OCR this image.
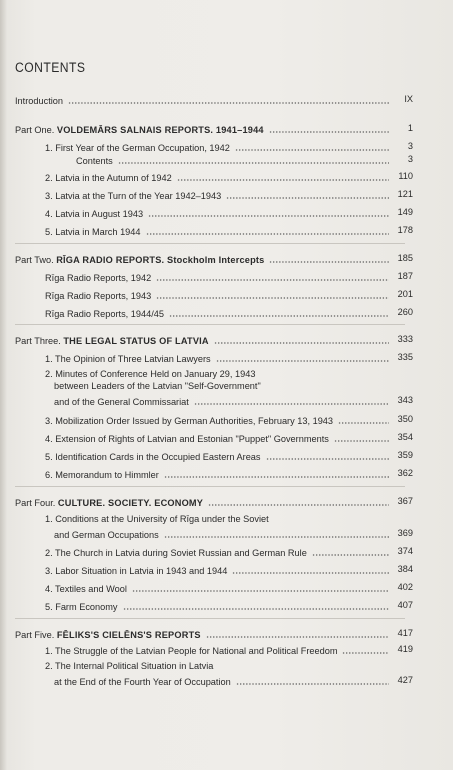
CONTENTS
Introduction	IX
Part One. VOLDEMĀRS SALNAIS REPORTS. 1941–1944	1
1. First Year of the German Occupation, 1942	3
Contents	3
2. Latvia in the Autumn of 1942	110
3. Latvia at the Turn of the Year 1942–1943	121
4. Latvia in August 1943	149
5. Latvia in March 1944	178
Part Two. RĪGA RADIO REPORTS. Stockholm Intercepts	185
Rīga Radio Reports, 1942	187
Rīga Radio Reports, 1943	201
Rīga Radio Reports, 1944/45	260
Part Three. THE LEGAL STATUS OF LATVIA	333
1. The Opinion of Three Latvian Lawyers	335
2. Minutes of Conference Held on January 29, 1943
between Leaders of the Latvian "Self-Government"
and of the General Commissariat	343
3. Mobilization Order Issued by German Authorities, February 13, 1943	350
4. Extension of Rights of Latvian and Estonian "Puppet" Governments	354
5. Identification Cards in the Occupied Eastern Areas	359
6. Memorandum to Himmler	362
Part Four. CULTURE. SOCIETY. ECONOMY	367
1. Conditions at the University of Rīga under the Soviet
and German Occupations	369
2. The Church in Latvia during Soviet Russian and German Rule	374
3. Labor Situation in Latvia in 1943 and 1944	384
4. Textiles and Wool	402
5. Farm Economy	407
Part Five. FĒLIKS'S CIELĒNS'S REPORTS	417
1. The Struggle of the Latvian People for National and Political Freedom	419
2. The Internal Political Situation in Latvia
at the End of the Fourth Year of Occupation	427
